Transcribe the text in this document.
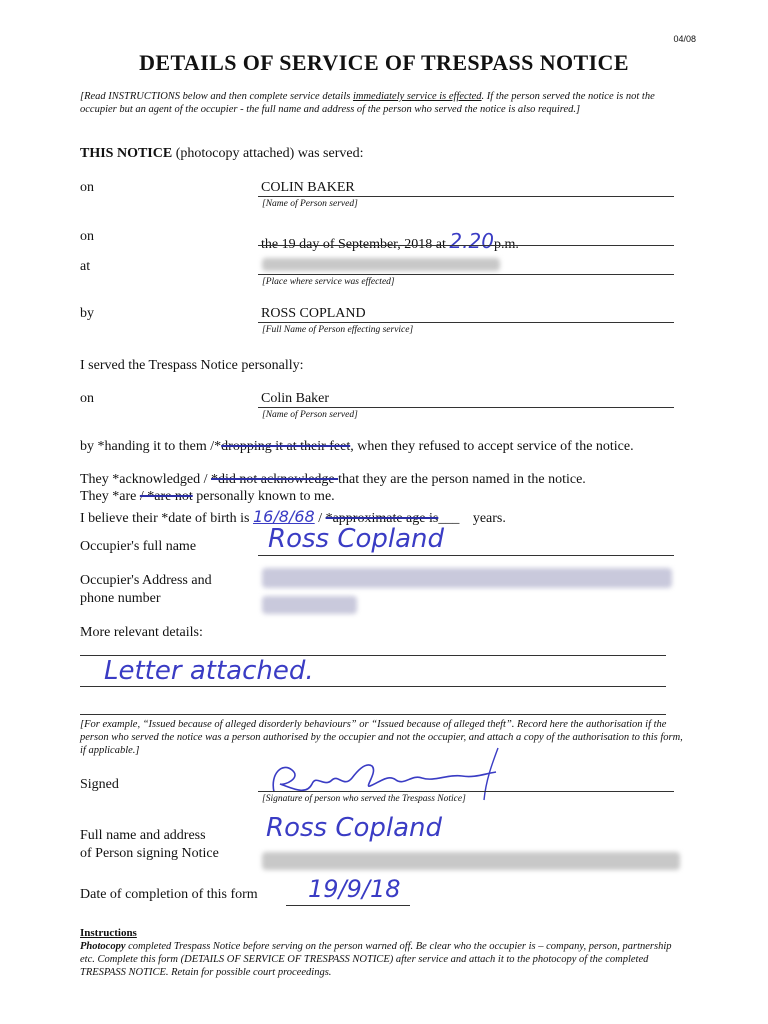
04/08
DETAILS OF SERVICE OF TRESPASS NOTICE
[Read INSTRUCTIONS below and then complete service details immediately service is effected. If the person served the notice is not the occupier but an agent of the occupier - the full name and address of the person who served the notice is also required.]
THIS NOTICE (photocopy attached) was served:
on	COLIN BAKER
[Name of Person served]
on
the 19 day of September, 2018 at 2.20p.m.
at
[Place where service was effected]
by	ROSS COPLAND
[Full Name of Person effecting service]
I served the Trespass Notice personally:
on	Colin Baker
[Name of Person served]
by *handing it to them /*dropping it at their feet, when they refused to accept service of the notice.
They *acknowledged / *did not acknowledge that they are the person named in the notice.
They *are / *are not personally known to me.
I believe their *date of birth is 16/8/68 / *approximate age is___ years.
Occupier's full name	Ross Copland
Occupier's Address and
phone number
More relevant details:
Letter attached.
[For example, “Issued because of alleged disorderly behaviours” or “Issued because of alleged theft”. Record here the authorisation if the person who served the notice was a person authorised by the occupier and not the occupier, and attach a copy of the authorisation to this form, if applicable.]
Signed
[Signature of person who served the Trespass Notice]
Full name and address
of Person signing Notice
Ross Copland
Date of completion of this form 19/9/18
Instructions
Photocopy completed Trespass Notice before serving on the person warned off. Be clear who the occupier is – company, person, partnership etc. Complete this form (DETAILS OF SERVICE OF TRESPASS NOTICE) after service and attach it to the photocopy of the completed TRESPASS NOTICE. Retain for possible court proceedings.
